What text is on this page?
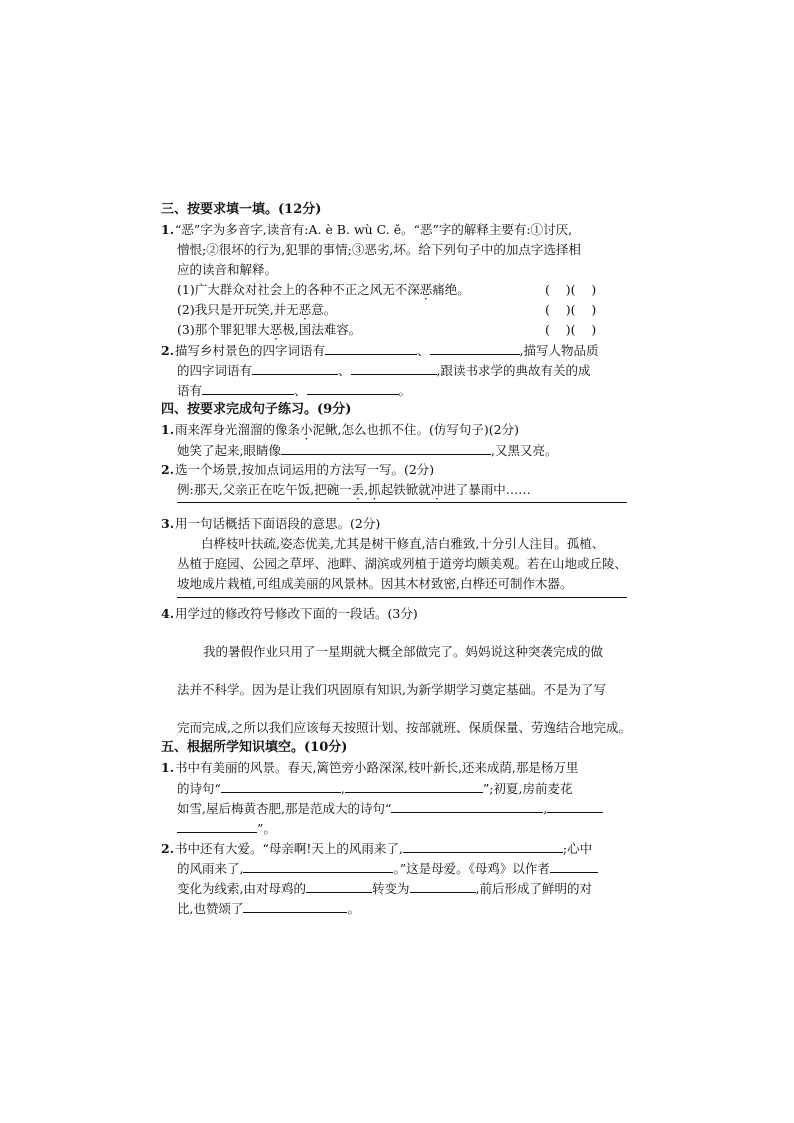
三、按要求填一填。(12分)
1.“恶”字为多音字,读音有:A. è B. wù C. ě。“恶”字的解释主要有:①讨厌,
憎恨;②很坏的行为,犯罪的事情;③恶劣,坏。给下列句子中的加点字选择相
应的读音和解释。
(1)广大群众对社会上的各种不正之风无不深恶痛绝。	(    )(    )
(2)我只是开玩笑,并无恶意。	(    )(    )
(3)那个罪犯罪大恶极,国法难容。	(    )(    )
2.描写乡村景色的四字词语有	、	,描写人物品质
的四字词语有	、	,跟读书求学的典故有关的成
语有	、	。
四、按要求完成句子练习。(9分)
1.雨来浑身光溜溜的像条小泥鳅 ·,怎么也抓不住。(仿写句子)(2分)
她笑了起来,眼睛像	,又黑又亮。
2.选一个场景,按加点词运用的方法写一写。(2分)
例:那天,父亲正在吃午饭,把碗一丢,抓起铁锨就冲进了暴雨中……
3.用一句话概括下面语段的意思。(2分)
白桦枝叶扶疏,姿态优美,尤其是树干修直,洁白雅致,十分引人注目。孤植、
丛植于庭园、公园之草坪、池畔、湖滨或列植于道旁均颇美观。若在山地或丘陵、
坡地成片栽植,可组成美丽的风景林。因其木材致密,白桦还可制作木器。
4.用学过的修改符号修改下面的一段话。(3分)
我的暑假作业只用了一星期就大概全部做完了。妈妈说这种突袭完成的做
法并不科学。因为是让我们巩固原有知识,为新学期学习奠定基础。不是为了写
完而完成,之所以我们应该每天按照计划、按部就班、保质保量、劳逸结合地完成。
五、根据所学知识填空。(10分)
1.书中有美丽的风景。春天,篱笆旁小路深深,枝叶新长,还来成荫,那是杨万里
的诗句“	,	”;初夏,房前麦花
如雪,屋后梅黄杏肥,那是范成大的诗句“	,
”。
2.书中还有大爱。“母亲啊!天上的风雨来了,	;心中
的风雨来了,	。”这是母爱。《母鸡》以作者
变化为线索,由对母鸡的	转变为	,前后形成了鲜明的对
比,也赞颂了	。
